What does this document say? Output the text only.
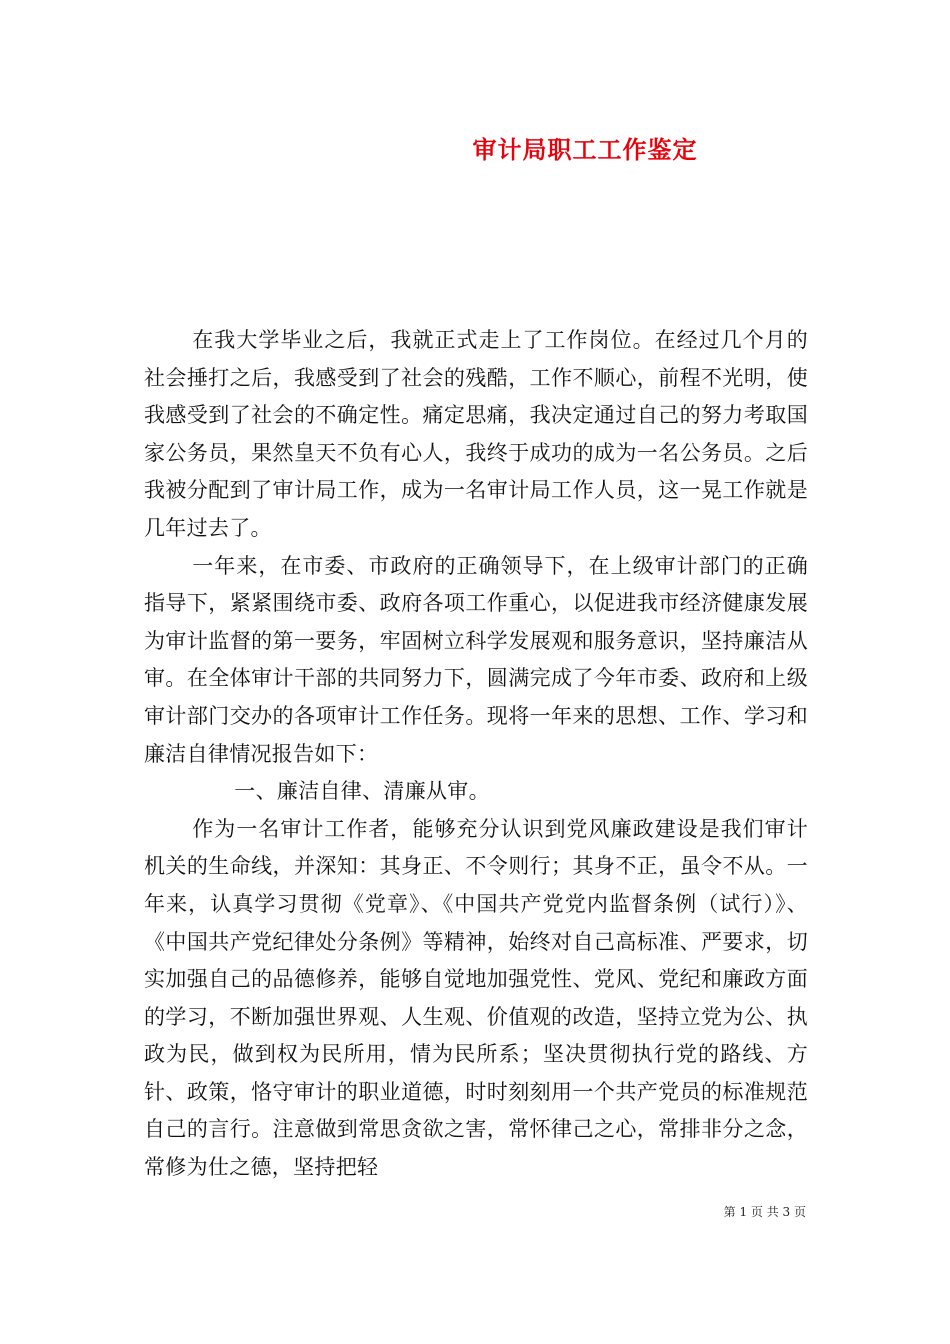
审计局职工工作鉴定

在我大学毕业之后，我就正式走上了工作岗位。在经过几个月的社会捶打之后，我感受到了社会的残酷，工作不顺心，前程不光明，使我感受到了社会的不确定性。痛定思痛，我决定通过自己的努力考取国家公务员，果然皇天不负有心人，我终于成功的成为一名公务员。之后我被分配到了审计局工作，成为一名审计局工作人员，这一晃工作就是几年过去了。

一年来，在市委、市政府的正确领导下，在上级审计部门的正确指导下，紧紧围绕市委、政府各项工作重心，以促进我市经济健康发展为审计监督的第一要务，牢固树立科学发展观和服务意识，坚持廉洁从审。在全体审计干部的共同努力下，圆满完成了今年市委、政府和上级审计部门交办的各项审计工作任务。现将一年来的思想、工作、学习和廉洁自律情况报告如下：

一、廉洁自律、清廉从审。

作为一名审计工作者，能够充分认识到党风廉政建设是我们审计机关的生命线，并深知：其身正、不令则行；其身不正，虽令不从。一年来，认真学习贯彻《党章》、《中国共产党党内监督条例（试行）》、《中国共产党纪律处分条例》等精神，始终对自己高标准、严要求，切实加强自己的品德修养，能够自觉地加强党性、党风、党纪和廉政方面的学习，不断加强世界观、人生观、价值观的改造，坚持立党为公、执政为民，做到权为民所用，情为民所系；坚决贯彻执行党的路线、方针、政策，恪守审计的职业道德，时时刻刻用一个共产党员的标准规范自己的言行。注意做到常思贪欲之害，常怀律己之心，常排非分之念，常修为仕之德，坚持把轻

第 1 页 共 3 页
